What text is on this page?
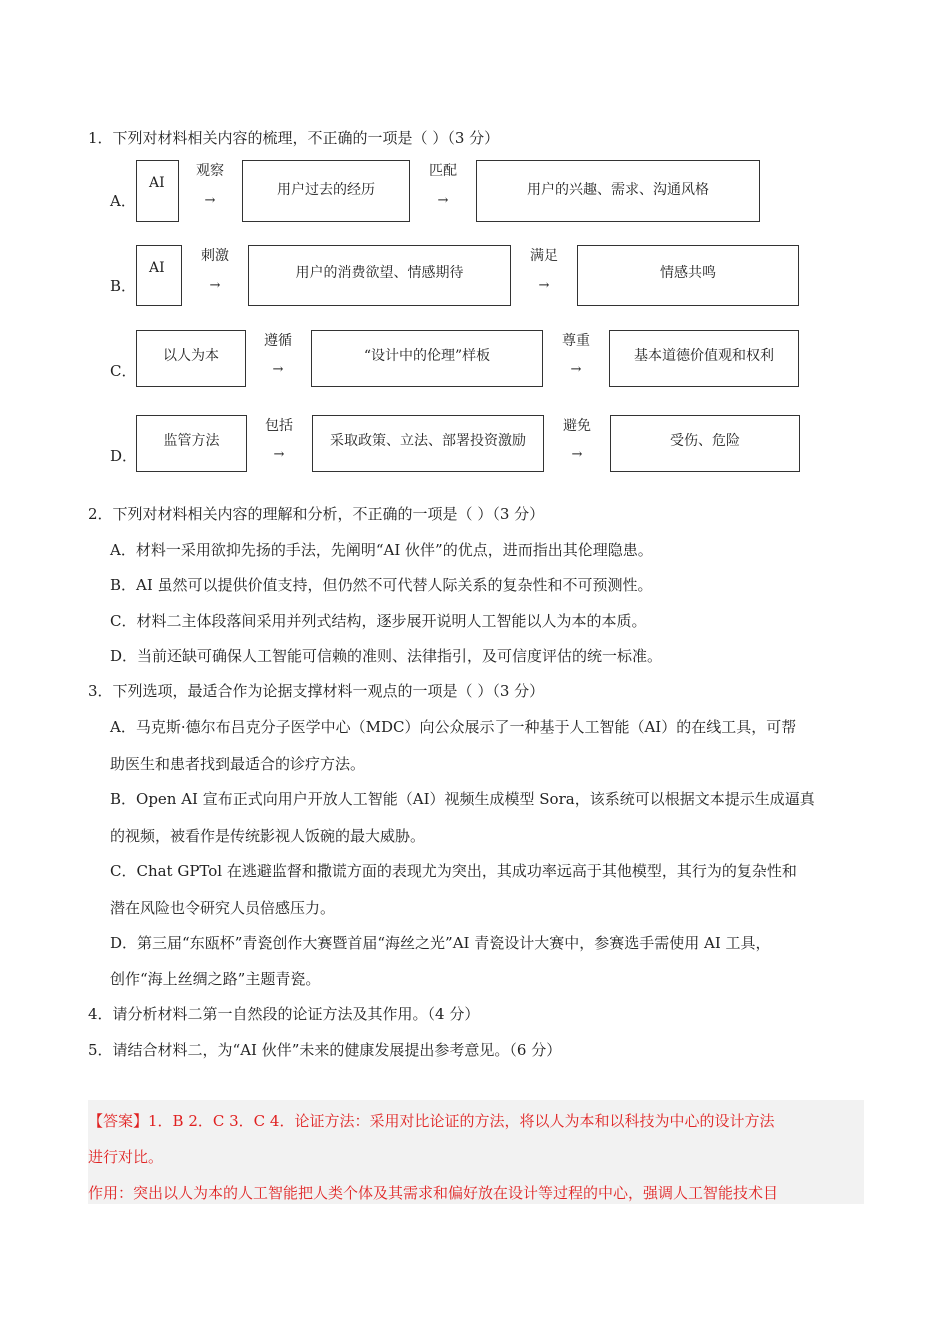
1．下列对材料相关内容的梳理，不正确的一项是（ ）（3 分）
A．
AI
观察
→
用户过去的经历
匹配
→
用户的兴趣、需求、沟通风格
B．
AI
刺激
→
用户的消费欲望、情感期待
满足
→
情感共鸣
C．
以人为本
遵循
→
“设计中的伦理”样板
尊重
→
基本道德价值观和权利
D．
监管方法
包括
→
采取政策、立法、部署投资激励
避免
→
受伤、危险
2．下列对材料相关内容的理解和分析，不正确的一项是（ ）（3 分）
A．材料一采用欲抑先扬的手法，先阐明“AI 伙伴”的优点，进而指出其伦理隐患。
B．AI 虽然可以提供价值支持，但仍然不可代替人际关系的复杂性和不可预测性。
C．材料二主体段落间采用并列式结构，逐步展开说明人工智能以人为本的本质。
D．当前还缺可确保人工智能可信赖的准则、法律指引，及可信度评估的统一标准。
3．下列选项，最适合作为论据支撑材料一观点的一项是（ ）（3 分）
A．马克斯·德尔布吕克分子医学中心（MDC）向公众展示了一种基于人工智能（AI）的在线工具，可帮
助医生和患者找到最适合的诊疗方法。
B．Open AI 宣布正式向用户开放人工智能（AI）视频生成模型 Sora，该系统可以根据文本提示生成逼真
的视频，被看作是传统影视人饭碗的最大威胁。
C．Chat GPTol 在逃避监督和撒谎方面的表现尤为突出，其成功率远高于其他模型，其行为的复杂性和
潜在风险也令研究人员倍感压力。
D．第三届“东瓯杯”青瓷创作大赛暨首届“海丝之光”AI 青瓷设计大赛中，参赛选手需使用 AI 工具，
创作“海上丝绸之路”主题青瓷。
4．请分析材料二第一自然段的论证方法及其作用。（4 分）
5．请结合材料二，为“AI 伙伴”未来的健康发展提出参考意见。（6 分）
【答案】1．B 2．C 3．C 4．论证方法：采用对比论证的方法，将以人为本和以科技为中心的设计方法
进行对比。
作用：突出以人为本的人工智能把人类个体及其需求和偏好放在设计等过程的中心，强调人工智能技术目
